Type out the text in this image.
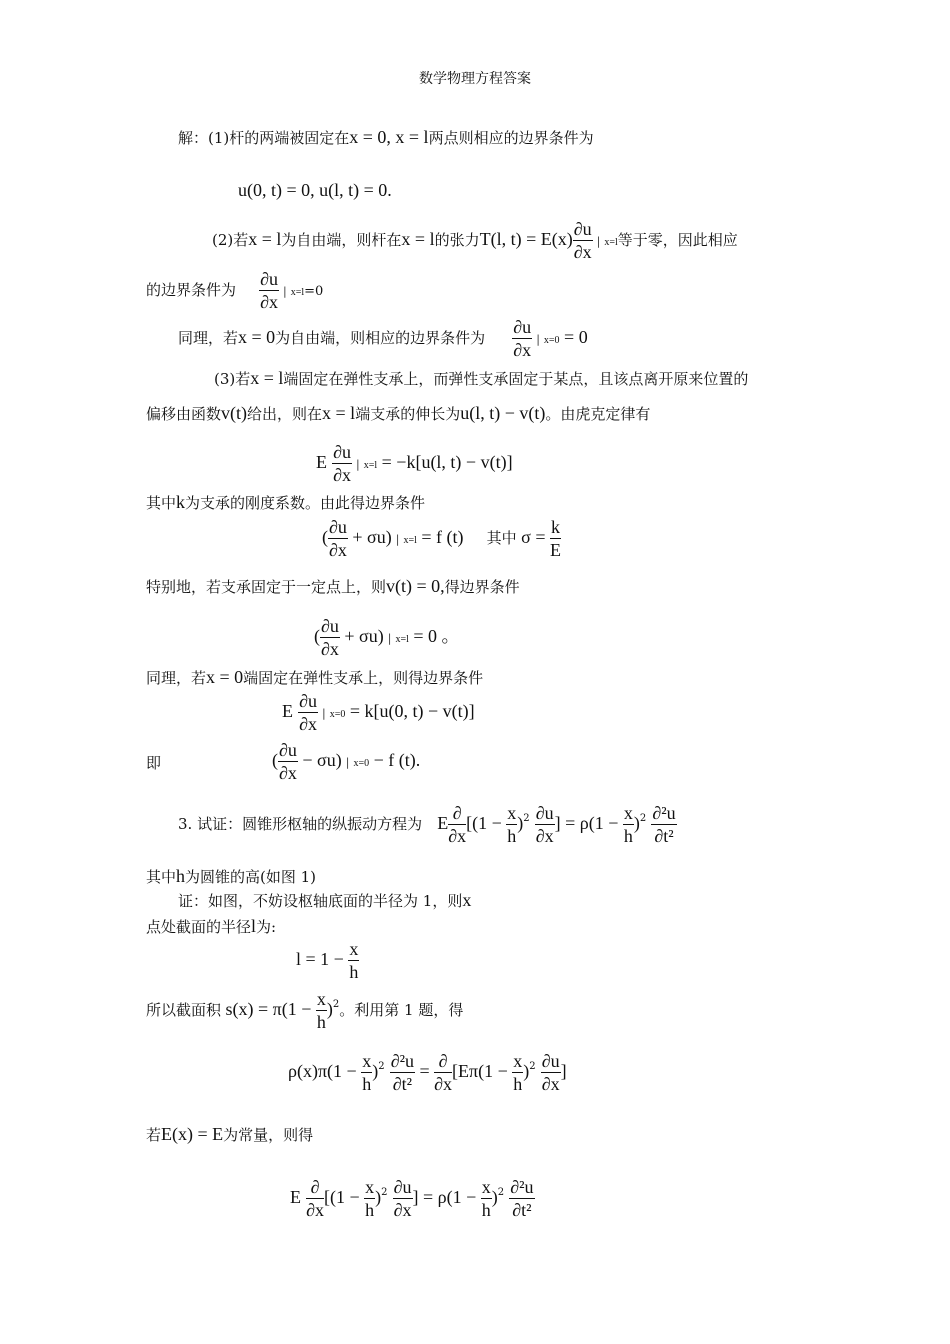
数学物理方程答案
解：(1)杆的两端被固定在x = 0, x = l两点则相应的边界条件为
u(0, t) = 0, u(l, t) = 0.
(2)若x = l为自由端，则杆在x = l的张力T(l, $t) = E(x) \frac{\partial u}{\partial x}$ | x=l等于零，因此相应
的边界条件为 $\frac{\partial u}{\partial x}$ | x=l=0
同理，若x = 0为自由端，则相应的边界条件为 $\frac{\partial u}{\partial x}$ | x=0 = 0
(3)若x = l端固定在弹性支承上，而弹性支承固定于某点，且该点离开原来位置的
偏移由函数v(t)给出，则在x = l端支承的伸长为u(l, t) − v(t)。由虎克定律有
E $\frac{\partial u}{\partial x}$ | x=l = −k[u(l, t) − v(t)]
其中k为支承的刚度系数。由此得边界条件
( $\frac{\partial u}{\partial x} + \sigma u$) | x=l = f (t) 其中 $\sigma = \frac{k}{E}$
特别地，若支承固定于一定点上，则v(t) = 0,得边界条件
( $\frac{\partial u}{\partial x} + \sigma u$) | x=l = 0 。
同理，若x = 0端固定在弹性支承上，则得边界条件
E $\frac{\partial u}{\partial x}$ | x=0 = k[u(0, t) − v(t)]
即	( $\frac{\partial u}{\partial x} - \sigma u$) | x=0 − f (t).
3. 试证：圆锥形枢轴的纵振动方程为 E $\frac{\partial}{\partial x} [(1 - \frac{x}{h} )^2 \frac{\partial u}{\partial x}$ ] = $\rho(1 - \frac{x}{h} )^2 \frac{\text{∂²u}}{\text{∂t²}}$
其中h为圆锥的高(如图 1)
证：如图，不妨设枢轴底面的半径为 1，则x
点处截面的半径l为:
$l = 1 - \frac{x}{h}$
所以截面积 $s(x) = \pi(1 - \frac{x}{h} )^2$。利用第 1 题，得
$\rho(x)\pi(1 - \frac{x}{h} )^2 \frac{\text{∂²u}}{\text{∂t²}} = \frac{\partial}{\partial x} [E\pi(1 - \frac{x}{h} )^2 \frac{\partial u}{\partial x}$ ]
若E(x) = E为常量，则得
E $\frac{\partial}{\partial x} [(1 - \frac{x}{h} )^2 \frac{\partial u}{\partial x}$ ] = $\rho(1 - \frac{x}{h} )^2 \frac{\text{∂²u}}{\text{∂t²}}$
